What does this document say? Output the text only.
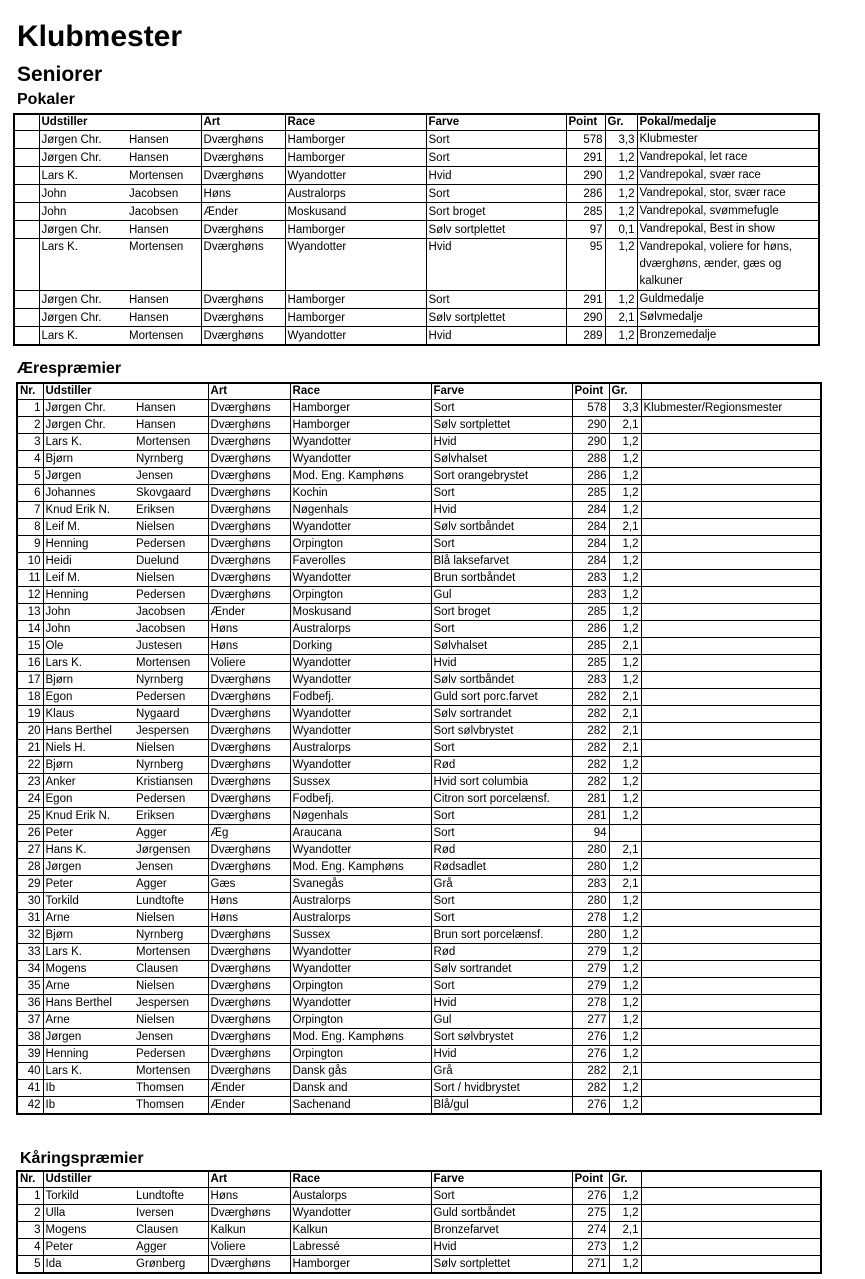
Klubmester
Seniorer
Pokaler
	Udstiller		Art	Race	Farve	Point	Gr.	Pokal/medalje
	Jørgen Chr.	Hansen	Dværghøns	Hamborger	Sort	578	3,3	Klubmester
	Jørgen Chr.	Hansen	Dværghøns	Hamborger	Sort	291	1,2	Vandrepokal, let race
	Lars K.	Mortensen	Dværghøns	Wyandotter	Hvid	290	1,2	Vandrepokal, svær race
	John	Jacobsen	Høns	Australorps	Sort	286	1,2	Vandrepokal, stor, svær race
	John	Jacobsen	Ænder	Moskusand	Sort broget	285	1,2	Vandrepokal, svømmefugle
	Jørgen Chr.	Hansen	Dværghøns	Hamborger	Sølv sortplettet	97	0,1	Vandrepokal, Best in show
	Lars K.	Mortensen	Dværghøns	Wyandotter	Hvid	95	1,2	Vandrepokal, voliere for høns, dværghøns, ænder, gæs og kalkuner
	Jørgen Chr.	Hansen	Dværghøns	Hamborger	Sort	291	1,2	Guldmedalje
	Jørgen Chr.	Hansen	Dværghøns	Hamborger	Sølv sortplettet	290	2,1	Sølvmedalje
	Lars K.	Mortensen	Dværghøns	Wyandotter	Hvid	289	1,2	Bronzemedalje
Ærespræmier
Nr.	Udstiller		Art	Race	Farve	Point	Gr.	
1	Jørgen Chr.	Hansen	Dværghøns	Hamborger	Sort	578	3,3	Klubmester/Regionsmester
2	Jørgen Chr.	Hansen	Dværghøns	Hamborger	Sølv sortplettet	290	2,1	
3	Lars K.	Mortensen	Dværghøns	Wyandotter	Hvid	290	1,2	
4	Bjørn	Nyrnberg	Dværghøns	Wyandotter	Sølvhalset	288	1,2	
5	Jørgen	Jensen	Dværghøns	Mod. Eng. Kamphøns	Sort orangebrystet	286	1,2	
6	Johannes	Skovgaard	Dværghøns	Kochin	Sort	285	1,2	
7	Knud Erik N.	Eriksen	Dværghøns	Nøgenhals	Hvid	284	1,2	
8	Leif M.	Nielsen	Dværghøns	Wyandotter	Sølv sortbåndet	284	2,1	
9	Henning	Pedersen	Dværghøns	Orpington	Sort	284	1,2	
10	Heidi	Duelund	Dværghøns	Faverolles	Blå laksefarvet	284	1,2	
11	Leif M.	Nielsen	Dværghøns	Wyandotter	Brun sortbåndet	283	1,2	
12	Henning	Pedersen	Dværghøns	Orpington	Gul	283	1,2	
13	John	Jacobsen	Ænder	Moskusand	Sort broget	285	1,2	
14	John	Jacobsen	Høns	Australorps	Sort	286	1,2	
15	Ole	Justesen	Høns	Dorking	Sølvhalset	285	2,1	
16	Lars K.	Mortensen	Voliere	Wyandotter	Hvid	285	1,2	
17	Bjørn	Nyrnberg	Dværghøns	Wyandotter	Sølv sortbåndet	283	1,2	
18	Egon	Pedersen	Dværghøns	Fodbefj.	Guld sort porc.farvet	282	2,1	
19	Klaus	Nygaard	Dværghøns	Wyandotter	Sølv sortrandet	282	2,1	
20	Hans Berthel	Jespersen	Dværghøns	Wyandotter	Sort sølvbrystet	282	2,1	
21	Niels H.	Nielsen	Dværghøns	Australorps	Sort	282	2,1	
22	Bjørn	Nyrnberg	Dværghøns	Wyandotter	Rød	282	1,2	
23	Anker	Kristiansen	Dværghøns	Sussex	Hvid sort columbia	282	1,2	
24	Egon	Pedersen	Dværghøns	Fodbefj.	Citron sort porcelænsf.	281	1,2	
25	Knud Erik N.	Eriksen	Dværghøns	Nøgenhals	Sort	281	1,2	
26	Peter	Agger	Æg	Araucana	Sort	94		
27	Hans K.	Jørgensen	Dværghøns	Wyandotter	Rød	280	2,1	
28	Jørgen	Jensen	Dværghøns	Mod. Eng. Kamphøns	Rødsadlet	280	1,2	
29	Peter	Agger	Gæs	Svanegås	Grå	283	2,1	
30	Torkild	Lundtofte	Høns	Australorps	Sort	280	1,2	
31	Arne	Nielsen	Høns	Australorps	Sort	278	1,2	
32	Bjørn	Nyrnberg	Dværghøns	Sussex	Brun sort porcelænsf.	280	1,2	
33	Lars K.	Mortensen	Dværghøns	Wyandotter	Rød	279	1,2	
34	Mogens	Clausen	Dværghøns	Wyandotter	Sølv sortrandet	279	1,2	
35	Arne	Nielsen	Dværghøns	Orpington	Sort	279	1,2	
36	Hans Berthel	Jespersen	Dværghøns	Wyandotter	Hvid	278	1,2	
37	Arne	Nielsen	Dværghøns	Orpington	Gul	277	1,2	
38	Jørgen	Jensen	Dværghøns	Mod. Eng. Kamphøns	Sort sølvbrystet	276	1,2	
39	Henning	Pedersen	Dværghøns	Orpington	Hvid	276	1,2	
40	Lars K.	Mortensen	Dværghøns	Dansk gås	Grå	282	2,1	
41	Ib	Thomsen	Ænder	Dansk and	Sort / hvidbrystet	282	1,2	
42	Ib	Thomsen	Ænder	Sachenand	Blå/gul	276	1,2	
Kåringspræmier
Nr.	Udstiller		Art	Race	Farve	Point	Gr.	
1	Torkild	Lundtofte	Høns	Austalorps	Sort	276	1,2	
2	Ulla	Iversen	Dværghøns	Wyandotter	Guld sortbåndet	275	1,2	
3	Mogens	Clausen	Kalkun	Kalkun	Bronzefarvet	274	2,1	
4	Peter	Agger	Voliere	Labressé	Hvid	273	1,2	
5	Ida	Grønberg	Dværghøns	Hamborger	Sølv sortplettet	271	1,2	
